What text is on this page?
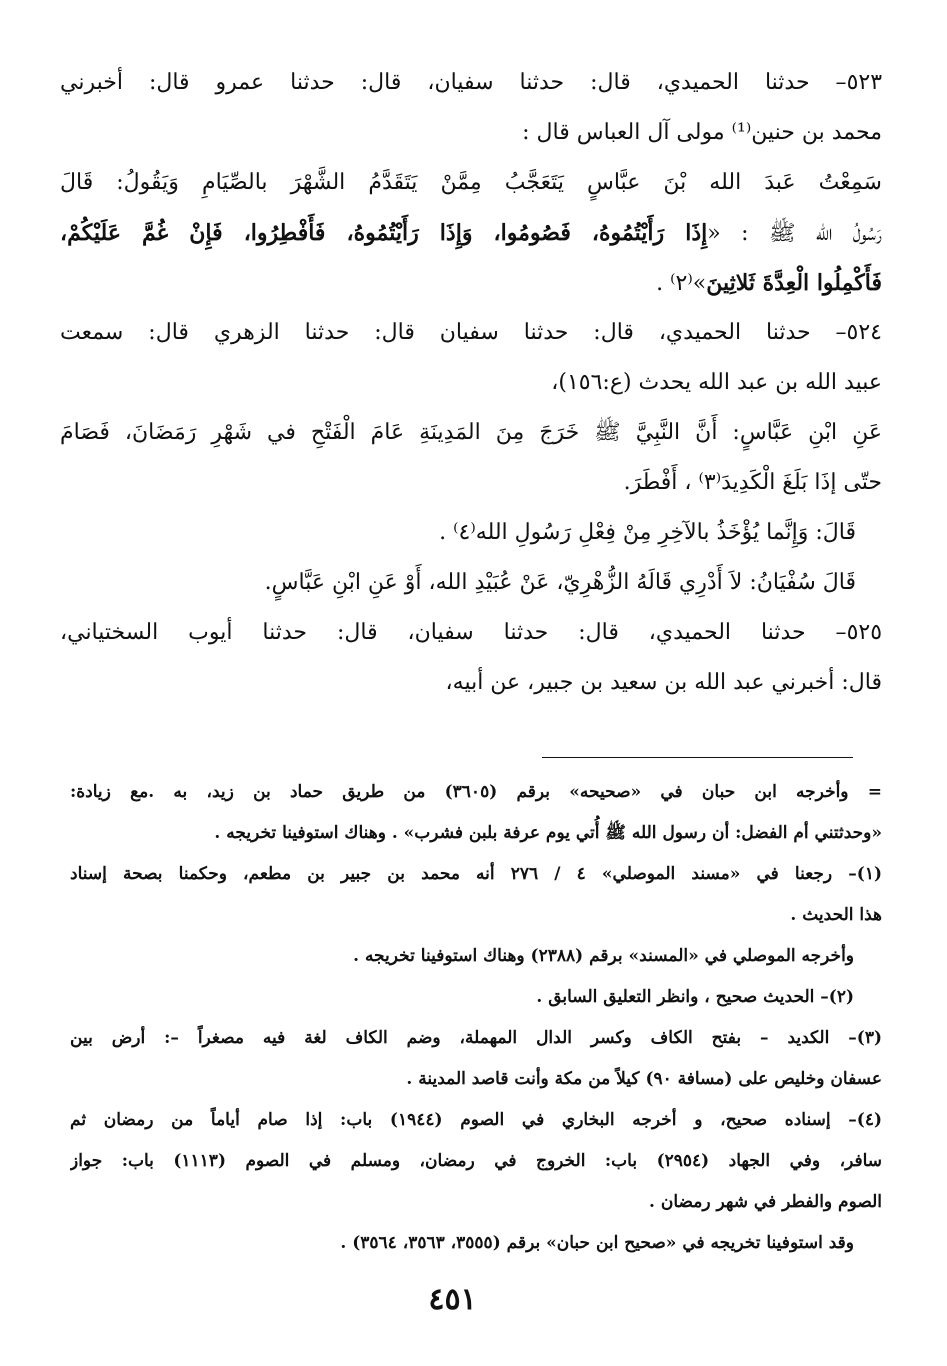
٥٢٣– حدثنا الحميدي، قال: حدثنا سفيان، قال: حدثنا عمرو قال: أخبرني
محمد بن حنين⁽¹⁾ مولى آل العباس قال :
سَمِعْتُ عَبدَ الله بْنَ عبَّاسٍ يَتَعَجَّبُ مِمَّنْ يَتَقَدَّمُ الشَّهْرَ بالصِّيَامِ وَيَقُولُ: قَالَ
رَسُولُ الله ﷺ : «إِذَا رَأَيْتُمُوهُ، فَصُومُوا، وَإِذَا رَأَيْتُمُوهُ، فَأَفْطِرُوا، فَإِنْ غُمَّ عَلَيْكُمْ،
فَأَكْمِلُوا الْعِدَّةَ ثَلاثِينَ»⁽٢⁾ .
٥٢٤– حدثنا الحميدي، قال: حدثنا سفيان قال: حدثنا الزهري قال: سمعت
عبيد الله بن عبد الله يحدث (ع:١٥٦)،
عَنِ ابْنِ عَبَّاسٍ: أَنَّ النَّبِيَّ ﷺ خَرَجَ مِنَ المَدِينَةِ عَامَ الْفَتْحِ في شَهْرِ رَمَضَانَ، فَصَامَ
حتّى إذَا بَلَغَ الْكَدِيدَ⁽٣⁾ ، أَفْطَرَ.
قَالَ: وَإِنَّما يُؤْخَذُ بالآخِرِ مِنْ فِعْلِ رَسُولِ الله⁽٤⁾ .
قَالَ سُفْيَانُ: لاَ أَدْرِي قَالَهُ الزُّهْرِيّ، عَنْ عُبَيْدِ الله، أَوْ عَنِ ابْنِ عَبَّاسٍ.
٥٢٥– حدثنا الحميدي، قال: حدثنا سفيان، قال: حدثنا أيوب السختياني،
قال: أخبرني عبد الله بن سعيد بن جبير، عن أبيه،
= وأخرجه ابن حبان في «صحيحه» برقم (٣٦٠٥) من طريق حماد بن زيد، به .مع زيادة:
«وحدثتني أم الفضل: أن رسول الله ﷺ أُتي يوم عرفة بلبن فشرب» . وهناك استوفينا تخريجه .
(١)– رجعنا في «مسند الموصلي» ٤ / ٢٧٦ أنه محمد بن جبير بن مطعم، وحكمنا بصحة إسناد
هذا الحديث .
وأخرجه الموصلي في «المسند» برقم (٢٣٨٨) وهناك استوفينا تخريجه .
(٢)– الحديث صحيح ، وانظر التعليق السابق .
(٣)– الكديد – بفتح الكاف وكسر الدال المهملة، وضم الكاف لغة فيه مصغراً –: أرض بين
عسفان وخليص على (مسافة ٩٠) كيلاً من مكة وأنت قاصد المدينة .
(٤)– إسناده صحيح، و أخرجه البخاري في الصوم (١٩٤٤) باب: إذا صام أياماً من رمضان ثم
سافر، وفي الجهاد (٢٩٥٤) باب: الخروج في رمضان، ومسلم في الصوم (١١١٣) باب: جواز
الصوم والفطر في شهر رمضان .
وقد استوفينا تخريجه في «صحيح ابن حبان» برقم (٣٥٥٥، ٣٥٦٣، ٣٥٦٤) .
٤٥١
